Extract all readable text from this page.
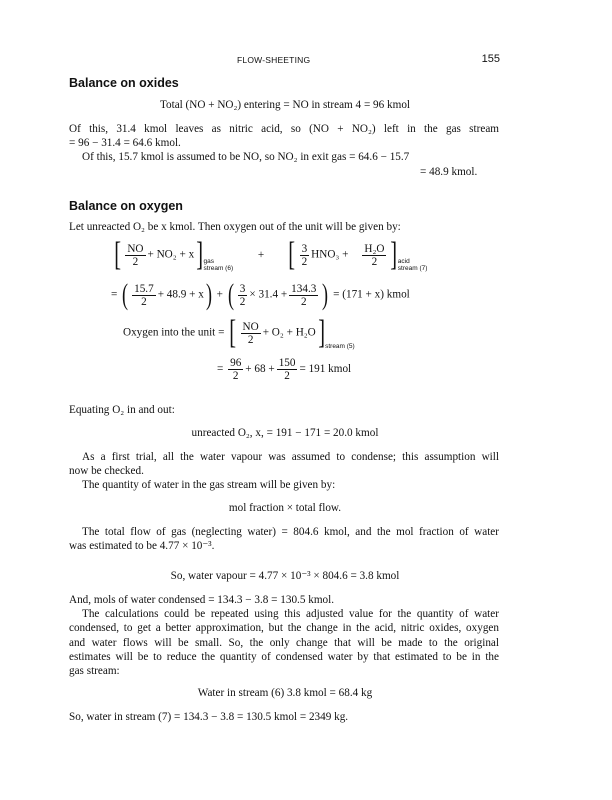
FLOW-SHEETING	155
Balance on oxides
Total (NO + NO₂) entering = NO in stream 4 = 96 kmol
Of this, 31.4 kmol leaves as nitric acid, so (NO + NO₂) left in the gas stream
= 96 − 31.4 = 64.6 kmol.
Of this, 15.7 kmol is assumed to be NO, so NO₂ in exit gas = 64.6 − 15.7
= 48.9 kmol.
Balance on oxygen
Let unreacted O₂ be x kmol. Then oxygen out of the unit will be given by:
[ $\frac{NO}{2} + NO_2 + x$] gas
stream (6)
+ [ $\frac{3}{2} HNO_3 + \frac{\text{H₂O}}{2}$ ] acid
stream (7)
= ( $\frac{15.7}{2} + 48.9 + x$) + ( $\frac{3}{2} \times 31.4 + \frac{134.3}{2}$ ) = (171 + x) kmol
Oxygen into the unit = [ $\frac{NO}{2} + O_2$ + H₂O]stream (5)
= $\frac{96}{2} + 68 + \frac{150}{2} = 191$ kmol
Equating O₂ in and out:
unreacted O₂, x, = 191 − 171 = 20.0 kmol
As a first trial, all the water vapour was assumed to condense; this assumption will
now be checked.
The quantity of water in the gas stream will be given by:
mol fraction × total flow.
The total flow of gas (neglecting water) = 804.6 kmol, and the mol fraction of water
was estimated to be 4.77 × 10⁻³.
So, water vapour = 4.77 × 10⁻³ × 804.6 = 3.8 kmol
And, mols of water condensed = 134.3 − 3.8 = 130.5 kmol.
The calculations could be repeated using this adjusted value for the quantity of water
condensed, to get a better approximation, but the change in the acid, nitric oxides, oxygen
and water flows will be small. So, the only change that will be made to the original
estimates will be to reduce the quantity of condensed water by that estimated to be in the
gas stream:
Water in stream (6) 3.8 kmol = 68.4 kg
So, water in stream (7) = 134.3 − 3.8 = 130.5 kmol = 2349 kg.
